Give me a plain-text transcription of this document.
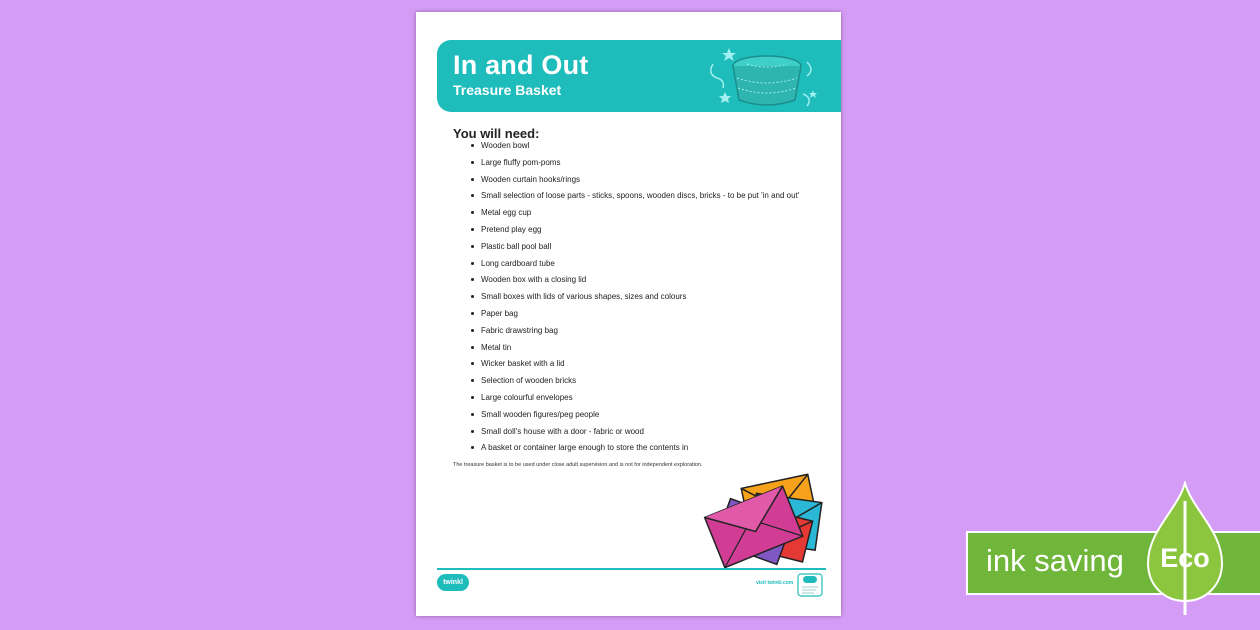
In and Out
Treasure Basket
You will need:
Wooden bowl
Large fluffy pom-poms
Wooden curtain hooks/rings
Small selection of loose parts - sticks, spoons, wooden discs, bricks - to be put 'in and out'
Metal egg cup
Pretend play egg
Plastic ball pool ball
Long cardboard tube
Wooden box with a closing lid
Small boxes with lids of various shapes, sizes and colours
Paper bag
Fabric drawstring bag
Metal tin
Wicker basket with a lid
Selection of wooden bricks
Large colourful envelopes
Small wooden figures/peg people
Small doll's house with a door - fabric or wood
A basket or container large enough to store the contents in
The treasure basket is to be used under close adult supervision and is not for independent exploration.
twinkl	visit twinkl.com
ink saving Eco
